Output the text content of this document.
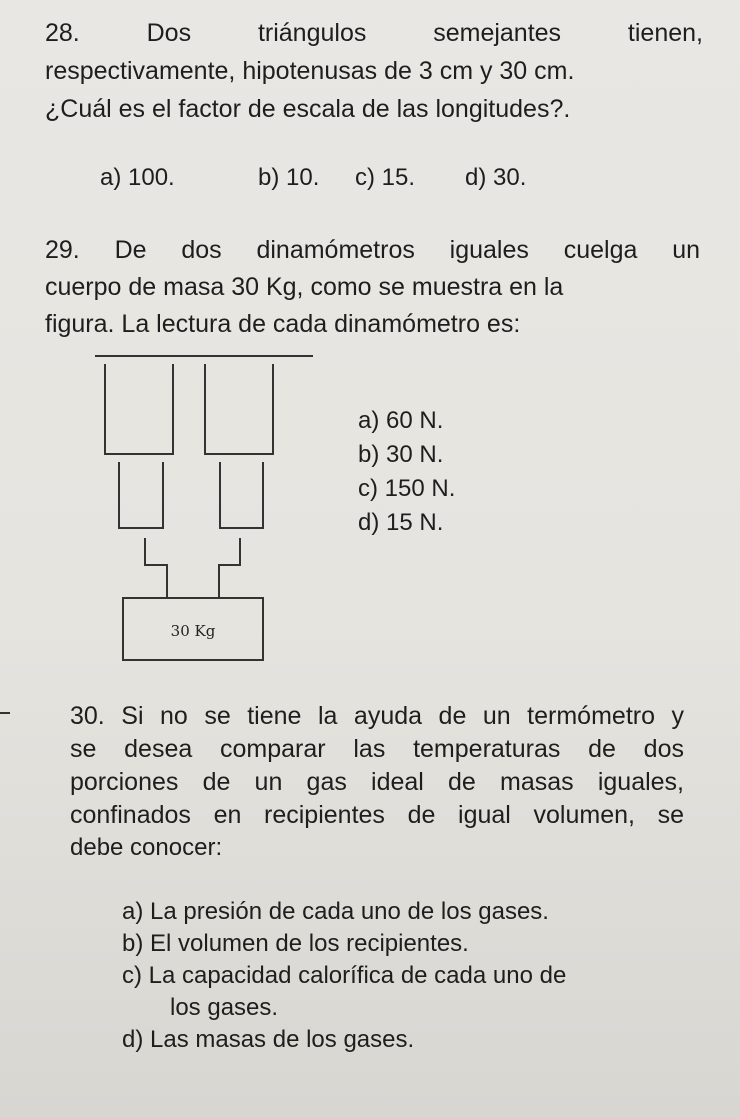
28. Dos triángulos semejantes tienen,
respectivamente, hipotenusas de 3 cm y 30 cm.
¿Cuál es el factor de escala de las longitudes?.
a) 100.	b) 10. c) 15. d) 30.
29. De dos dinamómetros iguales cuelga un
cuerpo de masa 30 Kg, como se muestra en la
figura. La lectura de cada dinamómetro es:
30 Kg
a) 60 N.
b) 30 N.
c) 150 N.
d) 15 N.
30. Si no se tiene la ayuda de un termómetro y
se desea comparar las temperaturas de dos
porciones de un gas ideal de masas iguales,
confinados en recipientes de igual volumen, se
debe conocer:
a) La presión de cada uno de los gases.
b) El volumen de los recipientes.
c) La capacidad calorífica de cada uno de
los gases.
d) Las masas de los gases.
